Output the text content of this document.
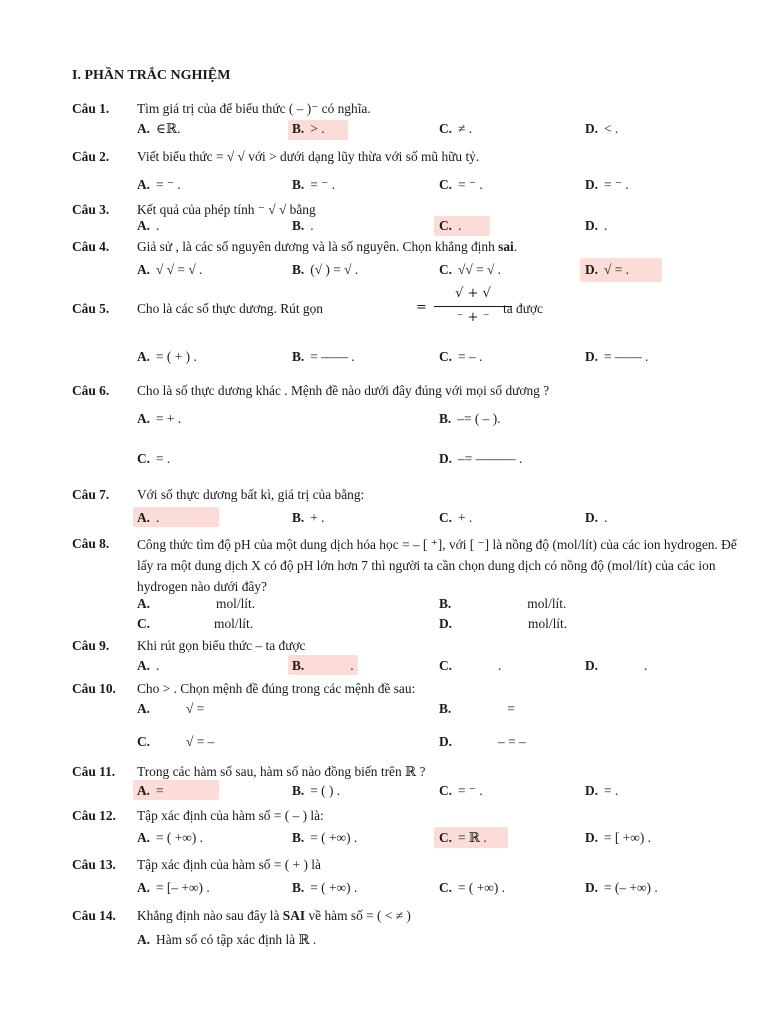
I. PHẦN TRẮC NGHIỆM
Câu 1. Tìm giá trị của để biểu thức ( – )⁻ có nghĩa.
A. ∈ℝ.	B. > .	C. ≠ .	D. < .
Câu 2. Viết biểu thức = √ √ với > dưới dạng lũy thừa với số mũ hữu tỷ.
A. = ⁻ .	B. = ⁻ .	C. = ⁻ .	D. = ⁻ .
Câu 3. Kết quả của phép tính ⁻ √ √ bằng
A. .	B. .	C. .	D. .
Câu 4. Giả sử , là các số nguyên dương và là số nguyên. Chọn khẳng định sai.
A. √ √ = √ .	B. (√ ) = √ .	C. √√ = √ .	D. √ = .
Câu 5. Cho là các số thực dương. Rút gọn	=
√ + √
⁻ + ⁻
ta được
A. = ( + ) .	B. = —— .	C. = – .	D. = —— .
Câu 6. Cho là số thực dương khác . Mệnh đề nào dưới đây đúng với mọi số dương ?
A. = + .	B. –= ( – ).
C. = .	D. –= ——— .
Câu 7. Với số thực dương bất kì, giá trị của bằng:
A. .	B. + .	C. + .	D. .
Câu 8. Công thức tìm độ pH của một dung dịch hóa học = – [ ⁺], với [ ⁻] là nồng độ (mol/lít) của các ion hydrogen. Để lấy ra một dung dịch X có độ pH lớn hơn 7 thì người ta cần chọn dung dịch có nồng độ (mol/lít) của các ion hydrogen nào dưới đây?
A.	mol/lít.	B.	mol/lít.
C.	mol/lít.	D.	mol/lít.
Câu 9. Khi rút gọn biểu thức – ta được
A. .	B.	.	C.	.	D.	.
Câu 10. Cho > . Chọn mệnh đề đúng trong các mệnh đề sau:
A.	√ =	B.	=
C.	√ = –	D.	– = –
Câu 11. Trong các hàm số sau, hàm số nào đồng biến trên ℝ ?
A. =	B. = ( ) .	C. = ⁻ .	D. = .
Câu 12. Tập xác định của hàm số = ( – ) là:
A. = ( +∞) .	B. = ( +∞) .	C. = ℝ .	D. = [ +∞) .
Câu 13. Tập xác định của hàm số = ( + ) là
A. = [– +∞) .	B. = ( +∞) .	C. = ( +∞) .	D. = (– +∞) .
Câu 14. Khẳng định nào sau đây là SAI về hàm số = ( < ≠ )
A. Hàm số có tập xác định là ℝ .
